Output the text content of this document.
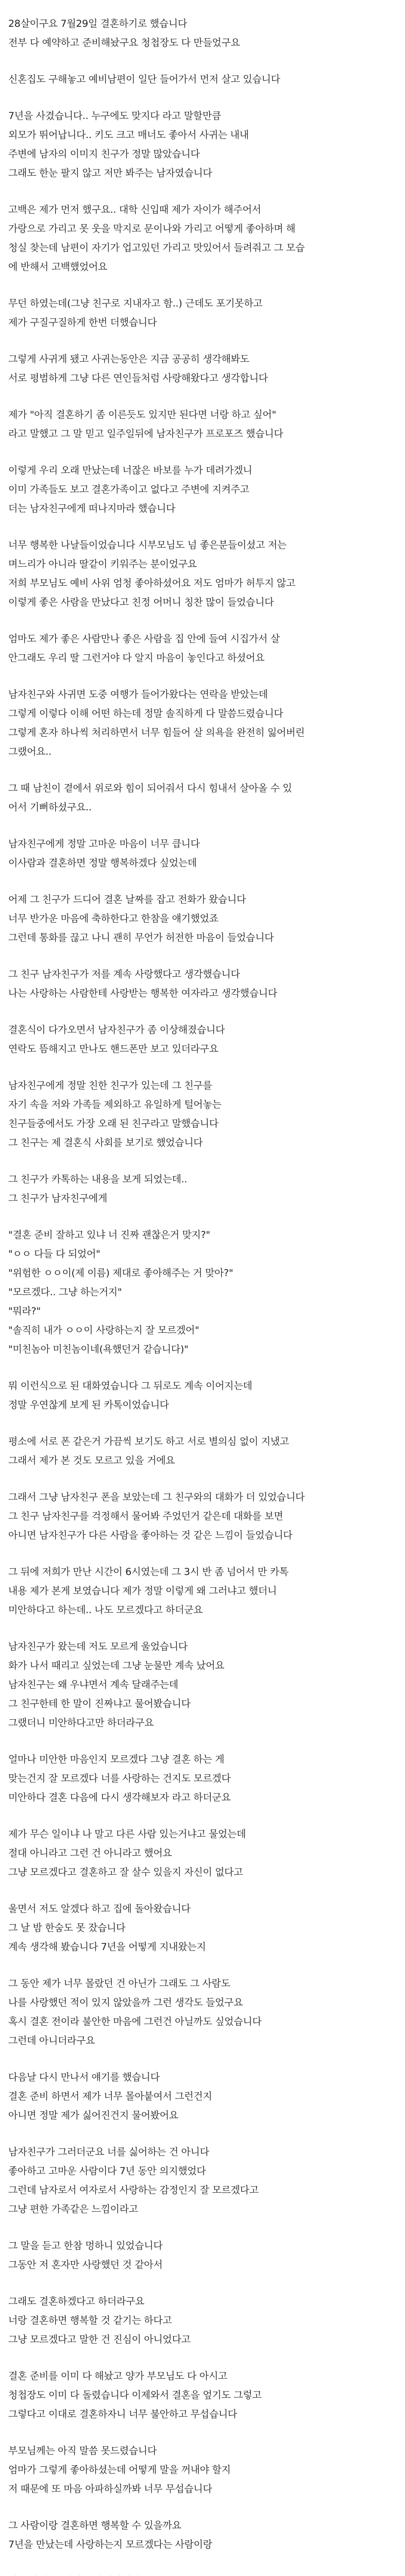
28살이구요 7월29일 결혼하기로 했습니다
전부 다 예약하고 준비해놨구요 청첩장도 다 만들었구요
신혼집도 구해놓고 예비남편이 일단 들어가서 먼저 살고 있습니다
7년을 사겼습니다.. 누구에도 맞지다 라고 말할만큼
외모가 뛰어납니다.. 키도 크고 매너도 좋아서 사귀는 내내
주변에 남자의 이미지 친구가 정말 많았습니다
그래도 한눈 팔지 않고 저만 봐주는 남자였습니다
고백은 제가 먼저 했구요.. 대학 신입때 제가 자이가 해주어서
가랑으로 가리고 못 웃을 막지로 문이나와 가리고 어떻게 좋아하며 해
청실 찾는데 남편이 자기가 업고있던 가리고 맛있어서 들려줘고 그 모습
에 반해서 고백했었어요
무던 하였는데(그냥 친구로 지내자고 함..) 근데도 포기못하고
제가 구질구질하게 한번 더했습니다
그렇게 사귀게 됐고 사귀는동안은 지금 공공히 생각해봐도
서로 평범하게 그냥 다른 연인들처럼 사랑해왔다고 생각합니다
제가 "아직 결혼하기 좀 이른듯도 있지만 된다면 너랑 하고 싶어"
라고 말했고 그 말 믿고 일주일뒤에 남자친구가 프로포즈 했습니다
이렇게 우리 오래 만났는데 너잖은 바보를 누가 데려가겠니
이미 가족들도 보고 결혼가족이고 없다고 주변에 지켜주고
더는 남자친구에게 떠나지마라 했습니다
너무 행복한 나날들이었습니다 시부모님도 넘 좋은분들이셨고 저는
며느리가 아니라 딸같이 키워주는 분이었구요
저희 부모님도 예비 사위 엄청 좋아하셨어요 저도 엄마가 허투지 않고
이렇게 좋은 사람을 만났다고 친정 어머니 칭찬 많이 들었습니다
엄마도 제가 좋은 사람만나 좋은 사람을 집 안에 들여 시집가서 살
안그래도 우리 딸 그런거야 다 알지 마음이 놓인다고 하셨어요
남자친구와 사귀면 도중 여행가 들어가왔다는 연락을 받았는데
그렇게 이렇다 이해 어떤 하는데 정말 솔직하게 다 말씀드렸습니다
그렇게 혼자 하나씩 처리하면서 너무 힘들어 살 의욕을 완전히 잃어버린
그랬어요..
그 때 남친이 곁에서 위로와 힘이 되어줘서 다시 힘내서 살아올 수 있
어서 기뻐하셨구요..
남자친구에게 정말 고마운 마음이 너무 큽니다
이사람과 결혼하면 정말 행복하겠다 싶었는데
어제 그 친구가 드디어 결혼 날짜를 잡고 전화가 왔습니다
너무 반가운 마음에 축하한다고 한참을 얘기했었죠
그런데 통화를 끊고 나니 괜히 무언가 허전한 마음이 들었습니다
그 친구 남자친구가 저를 계속 사랑했다고 생각했습니다
나는 사랑하는 사람한테 사랑받는 행복한 여자라고 생각했습니다
결혼식이 다가오면서 남자친구가 좀 이상해졌습니다
연락도 뜸해지고 만나도 핸드폰만 보고 있더라구요
남자친구에게 정말 친한 친구가 있는데 그 친구를
자기 속을 저와 가족들 제외하고 유일하게 털어놓는
친구들중에서도 가장 오래 된 친구라고 말했습니다
그 친구는 제 결혼식 사회를 보기로 했었습니다
그 친구가 카톡하는 내용을 보게 되었는데..
그 친구가 남자친구에게
"결혼 준비 잘하고 있냐 너 진짜 괜찮은거 맞지?"
"ㅇㅇ 다들 다 되었어"
"위험한 ㅇㅇ이(제 이름) 제대로 좋아해주는 거 맞아?"
"모르겠다.. 그냥 하는거지"
"뭐라?"
"솔직히 내가 ㅇㅇ이 사랑하는지 잘 모르겠어"
"미친놈아 미친놈이네(욕했던거 같습니다)"
뭐 이런식으로 된 대화였습니다 그 뒤로도 계속 이어지는데
정말 우연찮게 보게 된 카톡이었습니다
평소에 서로 폰 같은거 가끔씩 보기도 하고 서로 별의심 없이 지냈고
그래서 제가 본 것도 모르고 있을 거에요
그래서 그냥 남자친구 폰을 보았는데 그 친구와의 대화가 더 있었습니다
그 친구 남자친구를 걱정해서 물어봐 주었던거 같은데 대화를 보면
아니면 남자친구가 다른 사람을 좋아하는 것 같은 느낌이 들었습니다
그 뒤에 저희가 만난 시간이 6시였는데 그 3시 반 좀 넘어서 만 카톡
내용 제가 본게 보였습니다 제가 정말 이렇게 왜 그러냐고 했더니
미안하다고 하는데.. 나도 모르겠다고 하더군요
남자친구가 왔는데 저도 모르게 울었습니다
화가 나서 때리고 싶었는데 그냥 눈물만 계속 났어요
남자친구는 왜 우냐면서 계속 달래주는데
그 친구한테 한 말이 진짜냐고 물어봤습니다
그랬더니 미안하다고만 하더라구요
얼마나 미안한 마음인지 모르겠다 그냥 결혼 하는 게
맞는건지 잘 모르겠다 너를 사랑하는 건지도 모르겠다
미안하다 결혼 다음에 다시 생각해보자 라고 하더군요
제가 무슨 일이냐 나 말고 다른 사람 있는거냐고 물었는데
절대 아니라고 그런 건 아니라고 했어요
그냥 모르겠다고 결혼하고 잘 살수 있을지 자신이 없다고
울면서 저도 알겠다 하고 집에 돌아왔습니다
그 날 밤 한숨도 못 잤습니다
계속 생각해 봤습니다 7년을 어떻게 지내왔는지
그 동안 제가 너무 몰랐던 건 아닌가 그래도 그 사람도
나를 사랑했던 적이 있지 않았을까 그런 생각도 들었구요
혹시 결혼 전이라 불안한 마음에 그런건 아닐까도 싶었습니다
그런데 아니더라구요
다음날 다시 만나서 얘기를 했습니다
결혼 준비 하면서 제가 너무 몰아붙여서 그런건지
아니면 정말 제가 싫어진건지 물어봤어요
남자친구가 그러더군요 너를 싫어하는 건 아니다
좋아하고 고마운 사람이다 7년 동안 의지했었다
그런데 남자로서 여자로서 사랑하는 감정인지 잘 모르겠다고
그냥 편한 가족같은 느낌이라고
그 말을 듣고 한참 멍하니 있었습니다
그동안 저 혼자만 사랑했던 것 같아서
그래도 결혼하겠다고 하더라구요
너랑 결혼하면 행복할 것 같기는 하다고
그냥 모르겠다고 말한 건 진심이 아니었다고
결혼 준비를 이미 다 해놨고 양가 부모님도 다 아시고
청첩장도 이미 다 돌렸습니다 이제와서 결혼을 엎기도 그렇고
그렇다고 이대로 결혼하자니 너무 불안하고 무섭습니다
부모님께는 아직 말씀 못드렸습니다
엄마가 그렇게 좋아하셨는데 어떻게 말을 꺼내야 할지
저 때문에 또 마음 아파하실까봐 너무 무섭습니다
그 사람이랑 결혼하면 행복할 수 있을까요
7년을 만났는데 사랑하는지 모르겠다는 사람이랑
